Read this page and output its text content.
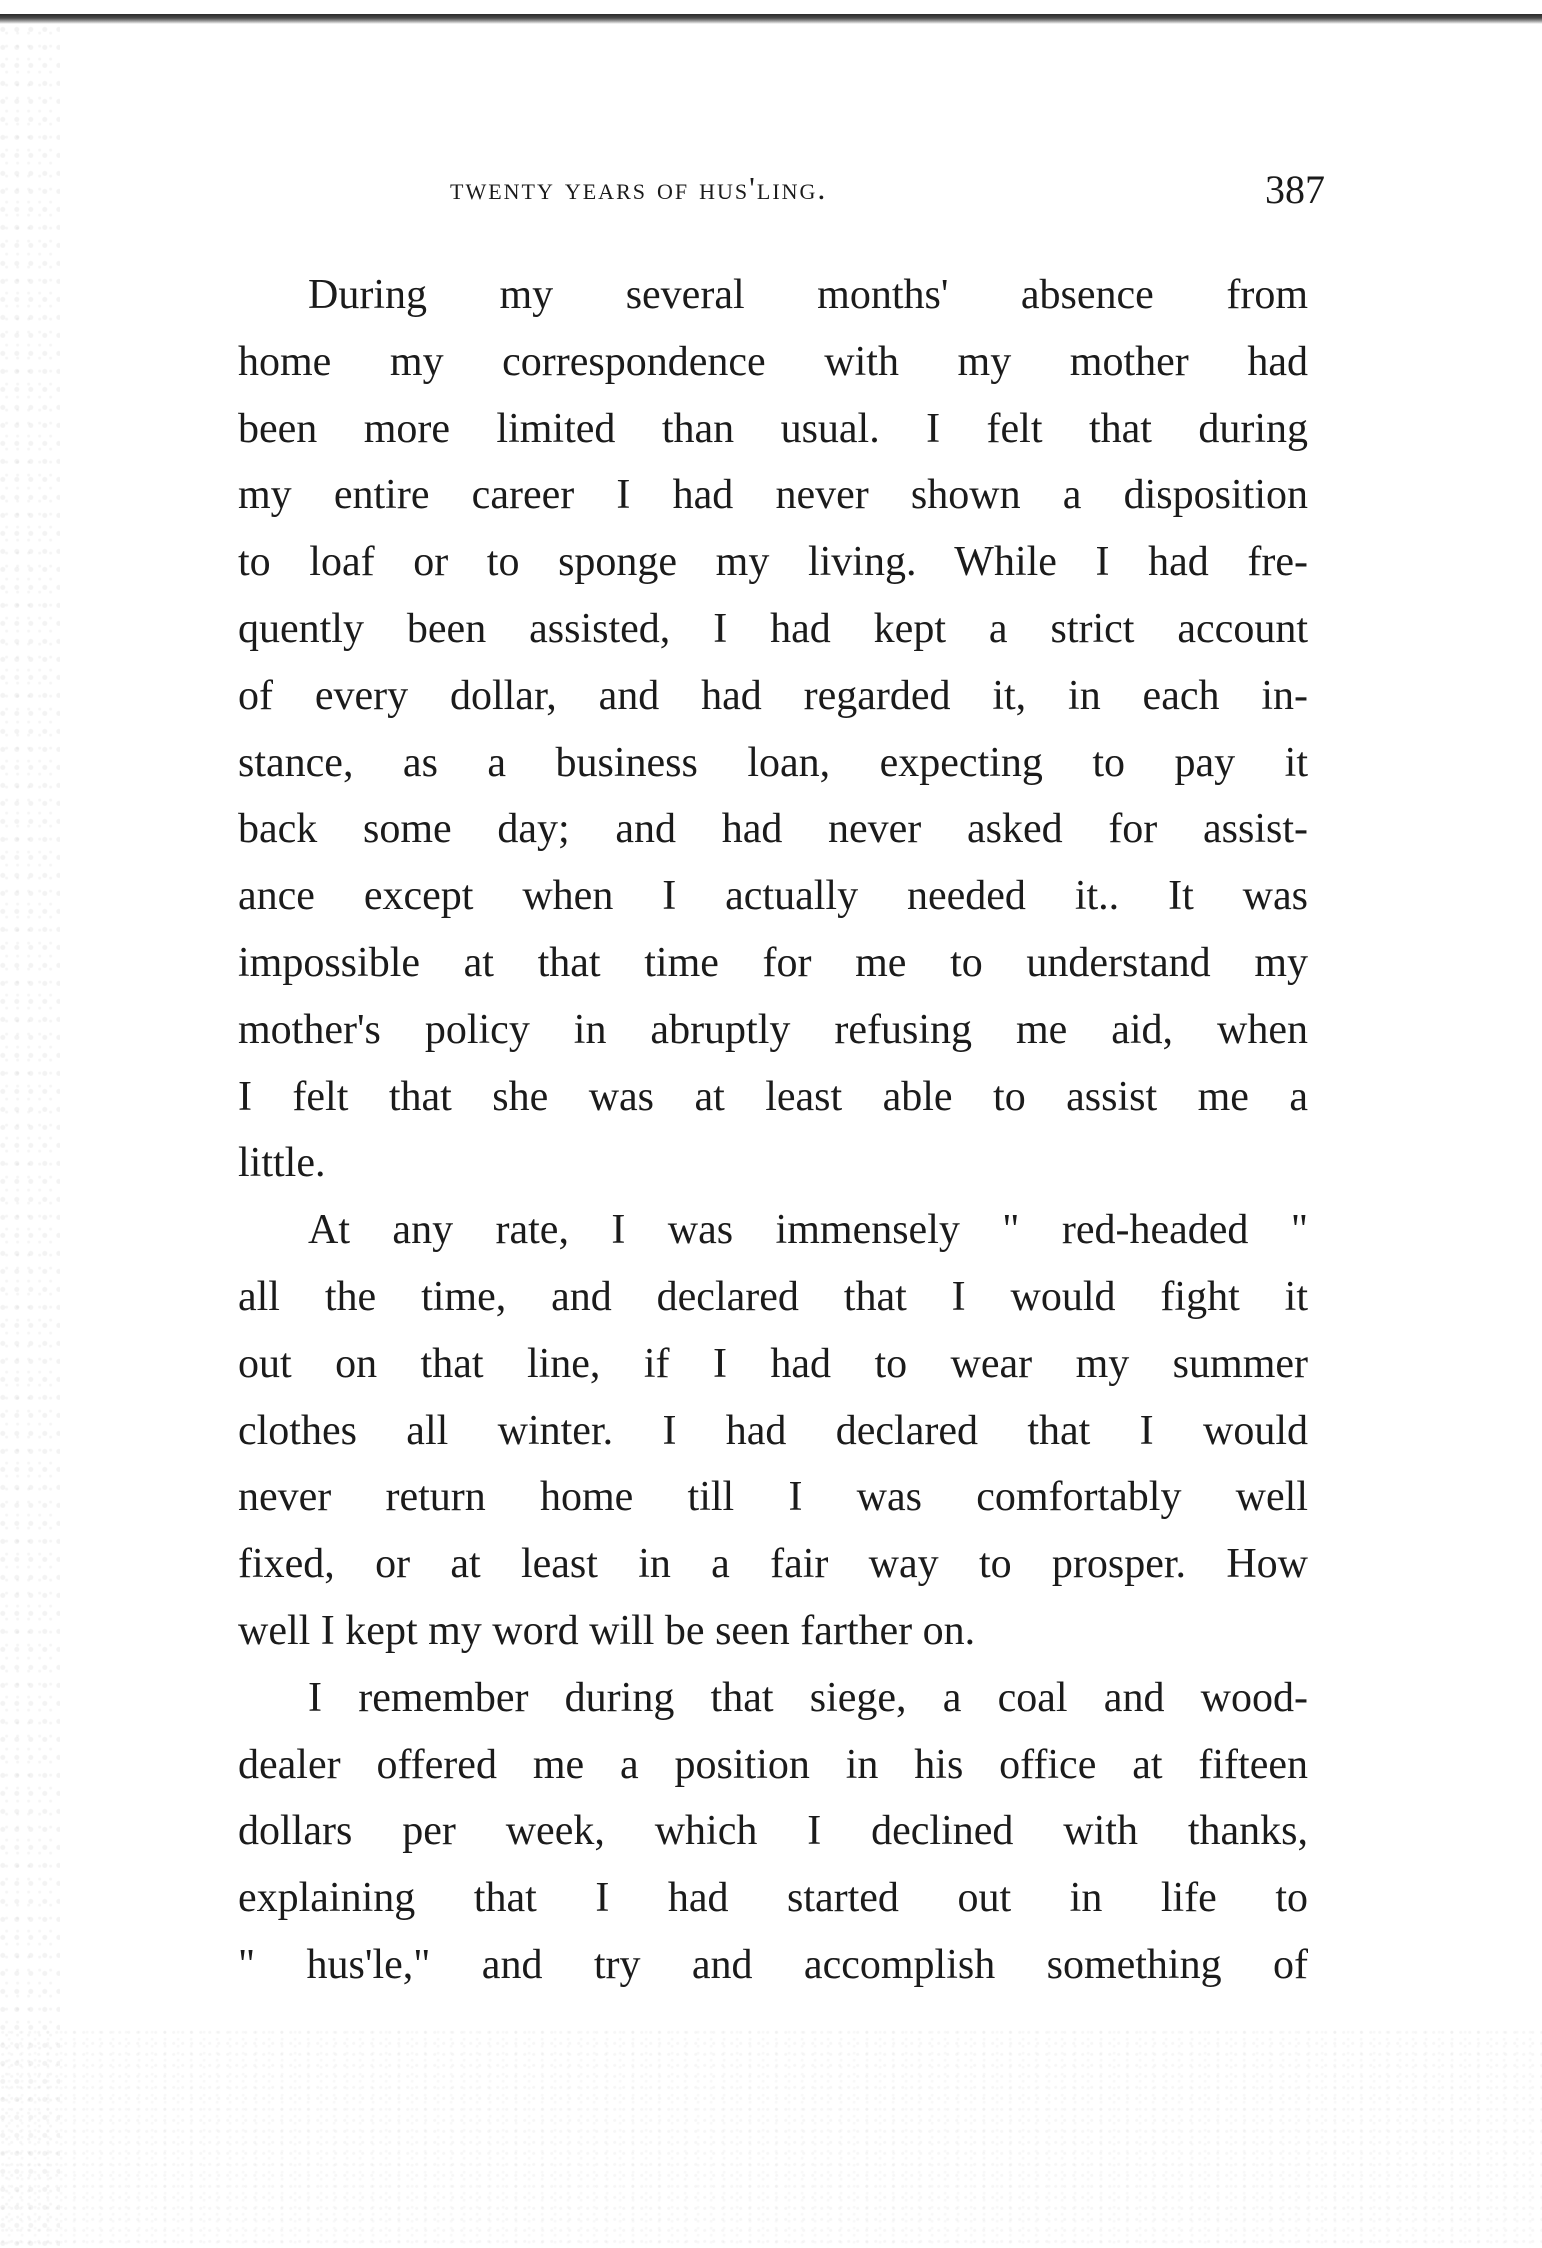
twenty years of hus'ling.	387
During my several months' absence from
home my correspondence with my mother had
been more limited than usual. I felt that during
my entire career I had never shown a disposition
to loaf or to sponge my living. While I had fre-
quently been assisted, I had kept a strict account
of every dollar, and had regarded it, in each in-
stance, as a business loan, expecting to pay it
back some day; and had never asked for assist-
ance except when I actually needed it.. It was
impossible at that time for me to understand my
mother's policy in abruptly refusing me aid, when
I felt that she was at least able to assist me a
little.
At any rate, I was immensely " red-headed "
all the time, and declared that I would fight it
out on that line, if I had to wear my summer
clothes all winter. I had declared that I would
never return home till I was comfortably well
fixed, or at least in a fair way to prosper. How
well I kept my word will be seen farther on.
I remember during that siege, a coal and wood-
dealer offered me a position in his office at fifteen
dollars per week, which I declined with thanks,
explaining that I had started out in life to
" hus'le," and try and accomplish something of
